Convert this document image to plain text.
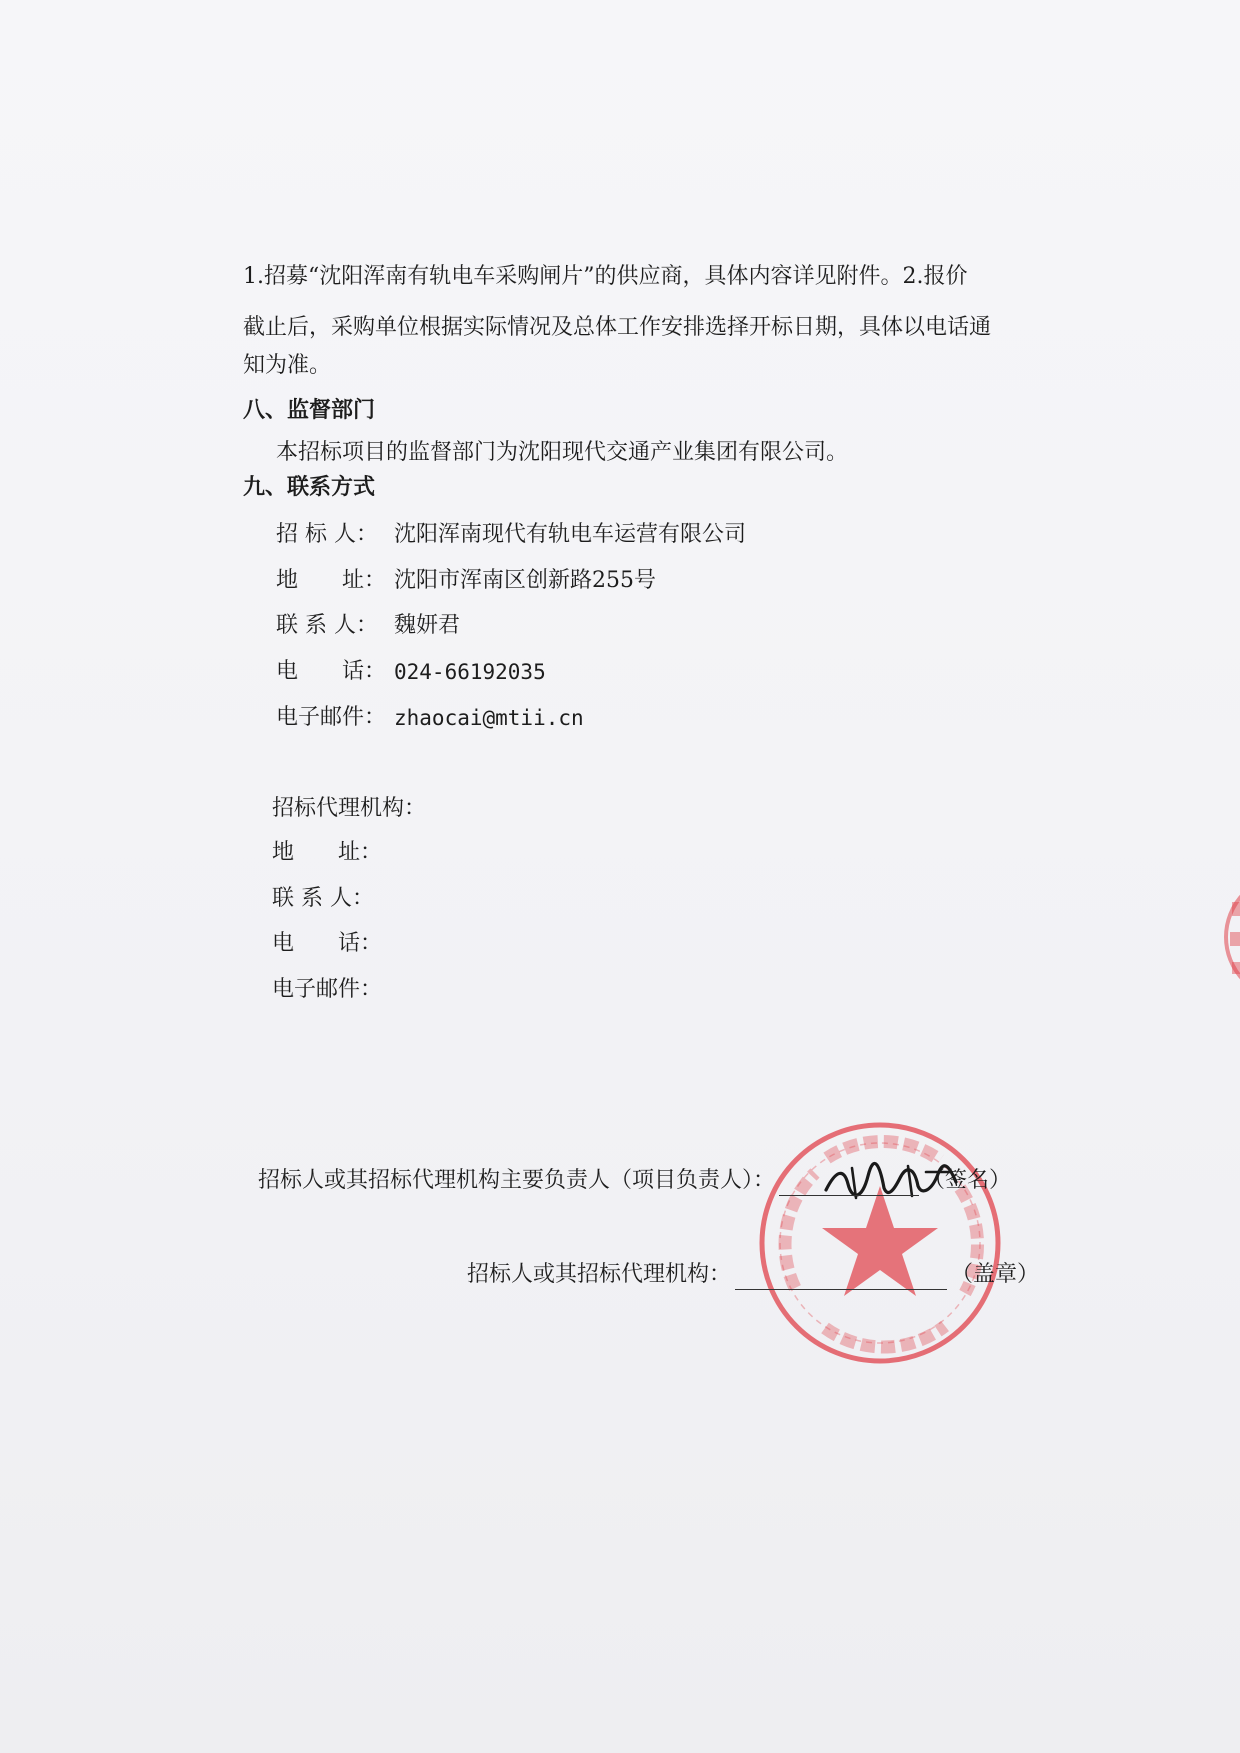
1.招募“沈阳浑南有轨电车采购闸片”的供应商，具体内容详见附件。2.报价
截止后，采购单位根据实际情况及总体工作安排选择开标日期，具体以电话通
知为准。
八、监督部门
本招标项目的监督部门为沈阳现代交通产业集团有限公司。
九、联系方式
招 标 人： 沈阳浑南现代有轨电车运营有限公司
地　　址： 沈阳市浑南区创新路255号
联 系 人： 魏妍君
电　　话： 024-66192035
电子邮件： zhaocai@mtii.cn
招标代理机构：
地　　址：
联 系 人：
电　　话：
电子邮件：
招标人或其招标代理机构主要负责人（项目负责人）：	（签名）
招标人或其招标代理机构：	（盖章）
